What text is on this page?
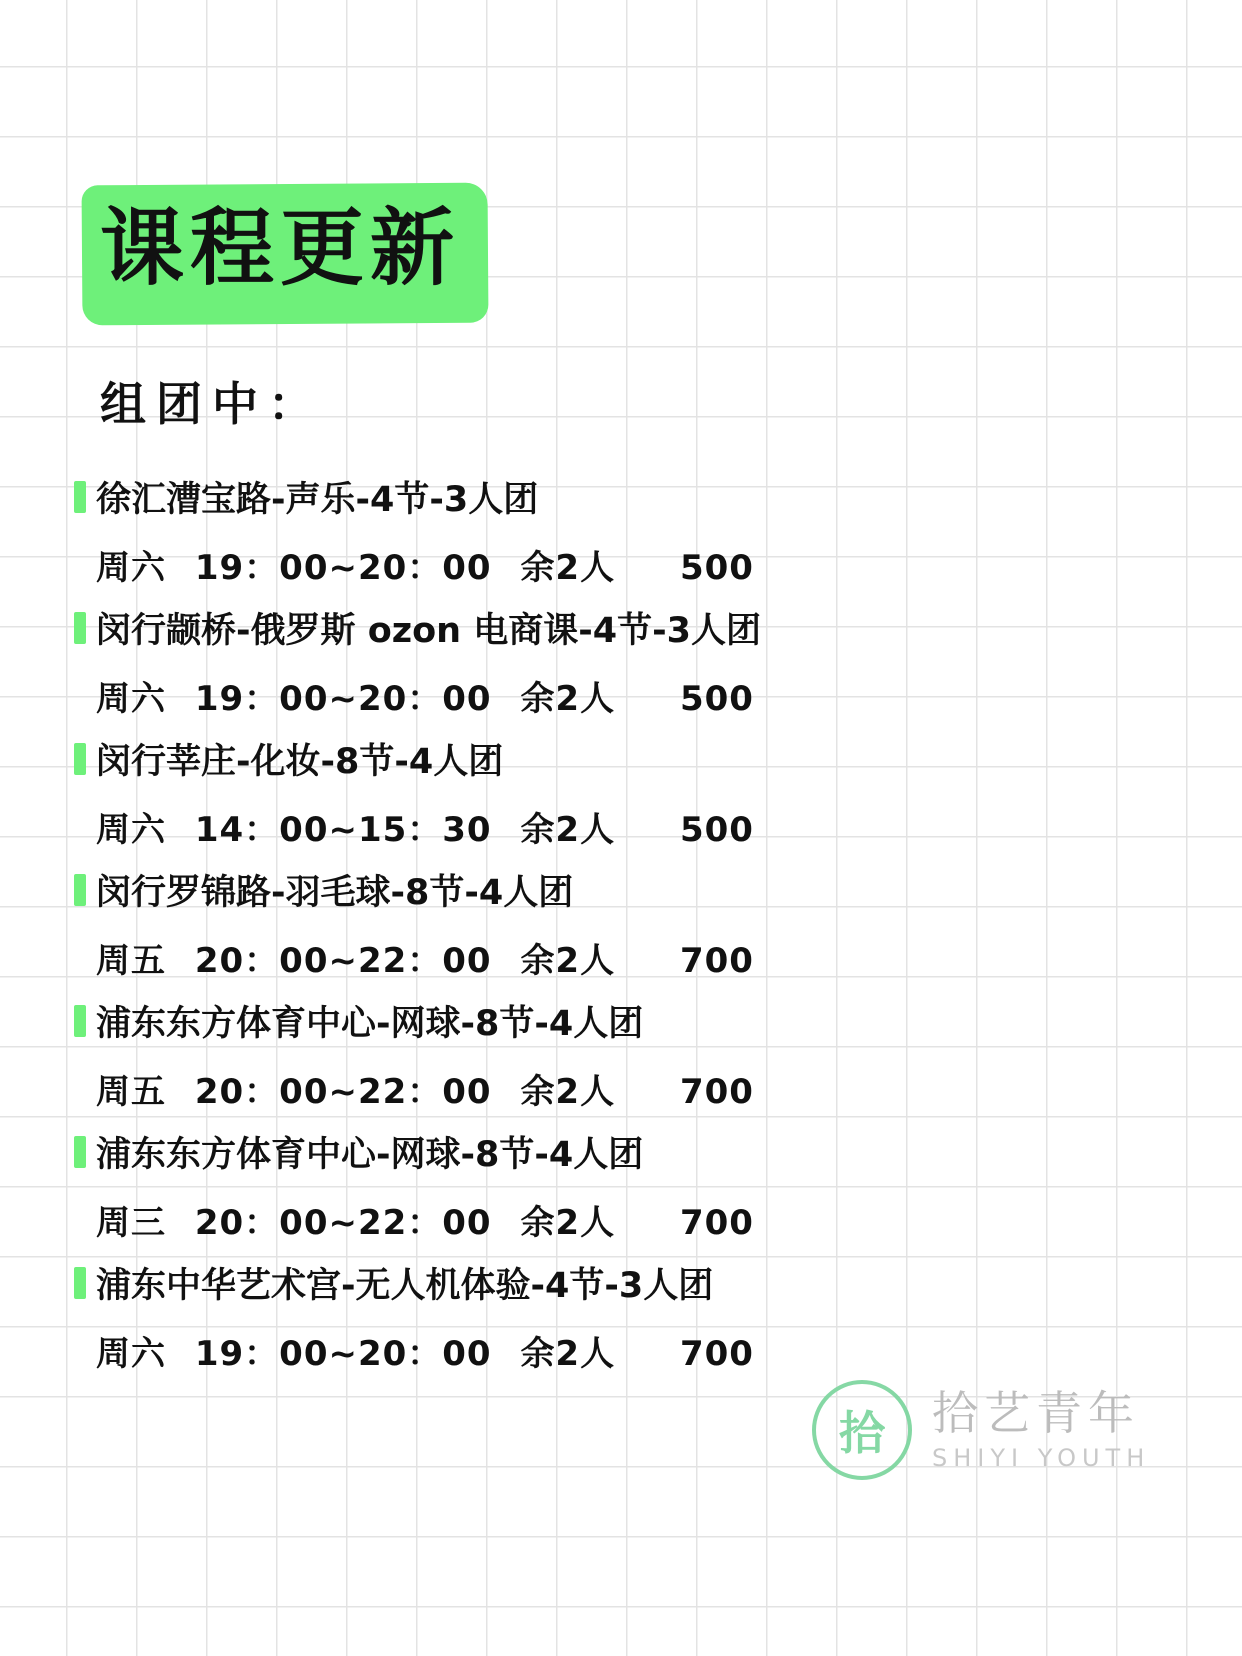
课程更新
组团中：
徐汇漕宝路-声乐-4节-3人团
周六 19：00~20：00 余2人 500
闵行颛桥-俄罗斯 ozon 电商课-4节-3人团
周六 19：00~20：00 余2人 500
闵行莘庄-化妆-8节-4人团
周六 14：00~15：30 余2人 500
闵行罗锦路-羽毛球-8节-4人团
周五 20：00~22：00 余2人 700
浦东东方体育中心-网球-8节-4人团
周五 20：00~22：00 余2人 700
浦东东方体育中心-网球-8节-4人团
周三 20：00~22：00 余2人 700
浦东中华艺术宫-无人机体验-4节-3人团
周六 19：00~20：00 余2人 700
拾	拾艺青年
SHIYI YOUTH
